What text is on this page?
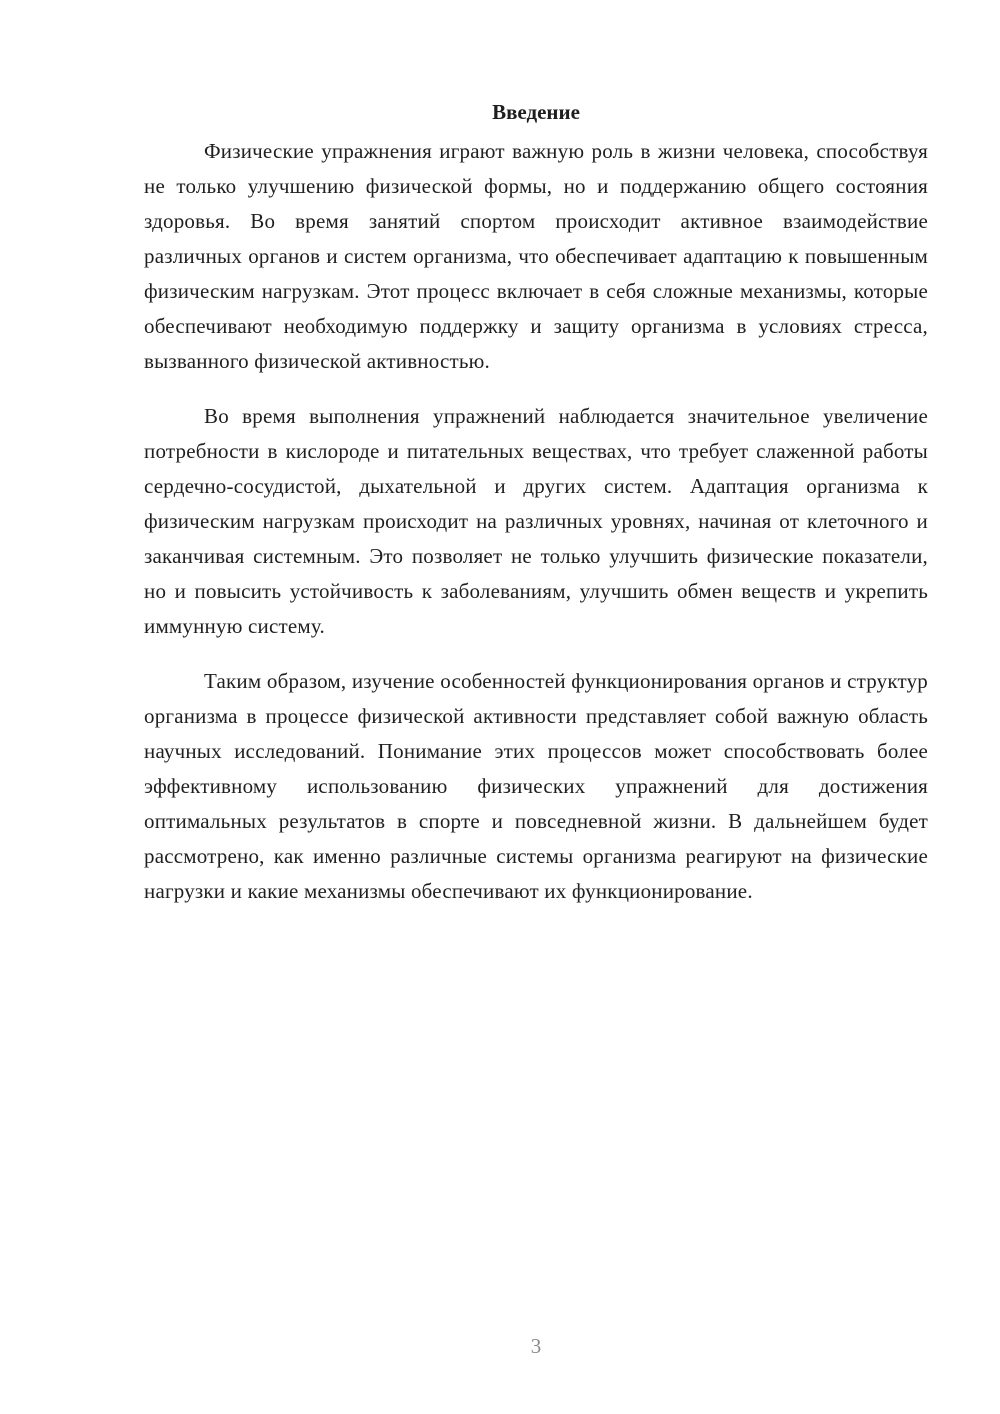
Введение

Физические упражнения играют важную роль в жизни человека, способствуя не только улучшению физической формы, но и поддержанию общего состояния здоровья. Во время занятий спортом происходит активное взаимодействие различных органов и систем организма, что обеспечивает адаптацию к повышенным физическим нагрузкам. Этот процесс включает в себя сложные механизмы, которые обеспечивают необходимую поддержку и защиту организма в условиях стресса, вызванного физической активностью.

Во время выполнения упражнений наблюдается значительное увеличение потребности в кислороде и питательных веществах, что требует слаженной работы сердечно-сосудистой, дыхательной и других систем. Адаптация организма к физическим нагрузкам происходит на различных уровнях, начиная от клеточного и заканчивая системным. Это позволяет не только улучшить физические показатели, но и повысить устойчивость к заболеваниям, улучшить обмен веществ и укрепить иммунную систему.

Таким образом, изучение особенностей функционирования органов и структур организма в процессе физической активности представляет собой важную область научных исследований. Понимание этих процессов может способствовать более эффективному использованию физических упражнений для достижения оптимальных результатов в спорте и повседневной жизни. В дальнейшем будет рассмотрено, как именно различные системы организма реагируют на физические нагрузки и какие механизмы обеспечивают их функционирование.

3
